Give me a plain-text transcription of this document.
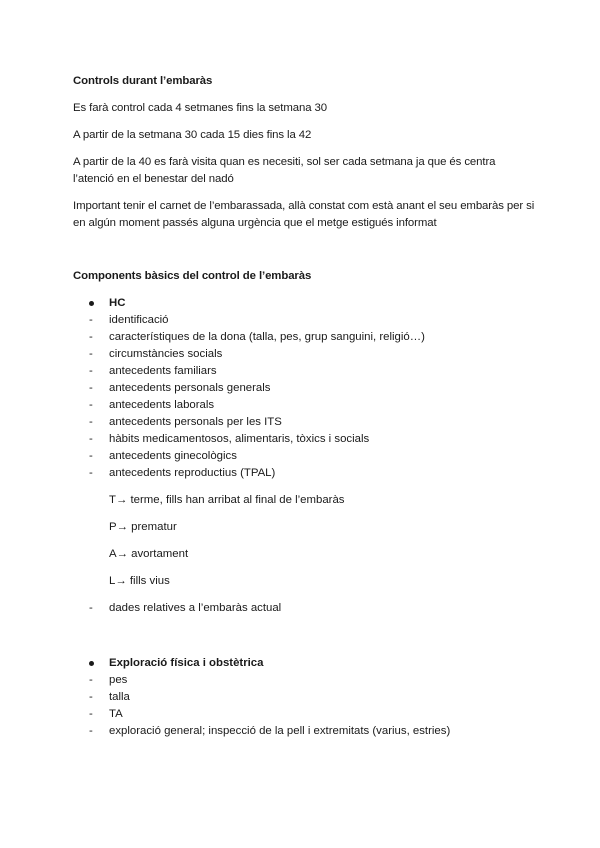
Controls durant l’embaràs
Es farà control cada 4 setmanes fins la setmana 30
A partir de la setmana 30 cada 15 dies fins la 42
A partir de la 40 es farà visita quan es necesiti, sol ser cada setmana ja que és centra
l’atenció en el benestar del nadó
Important tenir el carnet de l’embarassada, allà constat com està anant el seu embaràs per si
en algún moment passés alguna urgència que el metge estigués informat
Components bàsics del control de l’embaràs
HC
- identificació
- característiques de la dona (talla, pes, grup sanguini, religió…)
- circumstàncies socials
- antecedents familiars
- antecedents personals generals
- antecedents laborals
- antecedents personals per les ITS
- hàbits medicamentosos, alimentaris, tòxics i socials
- antecedents ginecològics
- antecedents reproductius (TPAL)
T→ terme, fills han arribat al final de l’embaràs
P→ prematur
A→ avortament
L→ fills vius
- dades relatives a l’embaràs actual
Exploració física i obstètrica
- pes
- talla
- TA
- exploració general; inspecció de la pell i extremitats (varius, estries)
